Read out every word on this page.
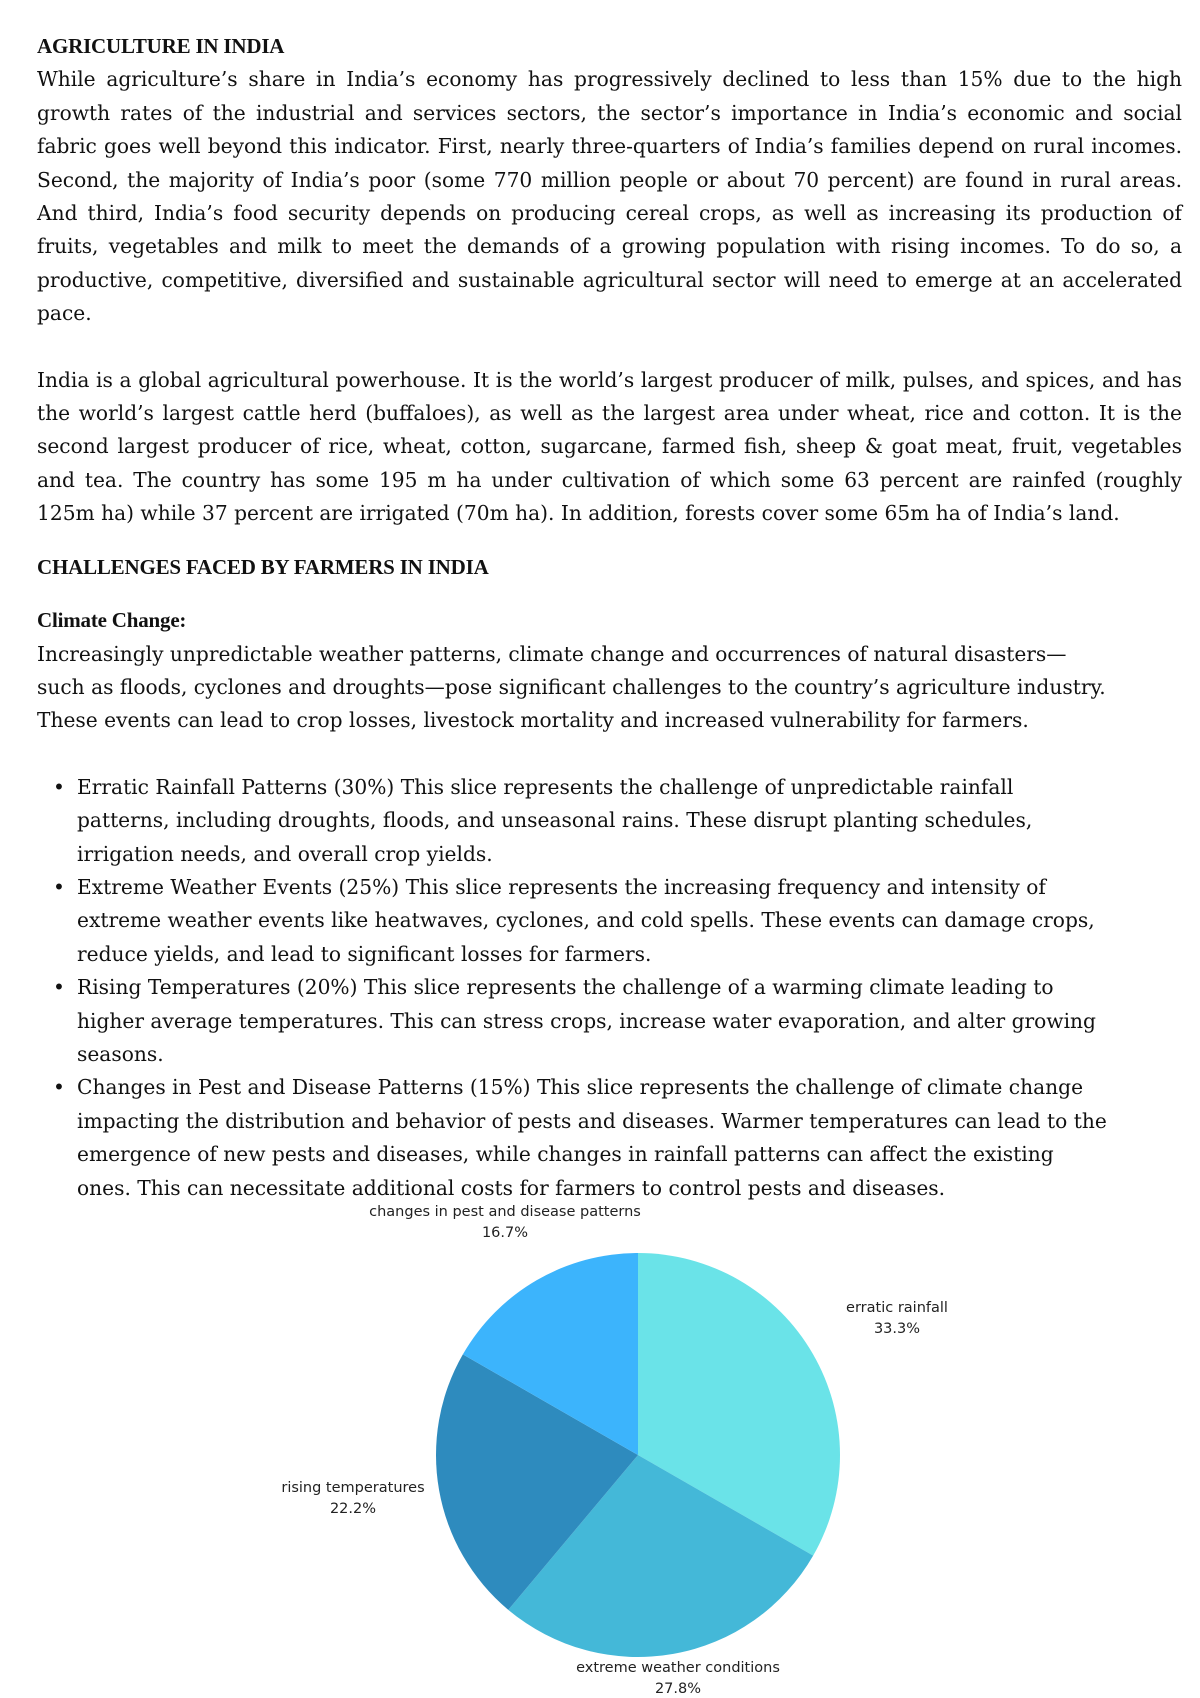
AGRICULTURE IN INDIA

While agriculture’s share in India’s economy has progressively declined to less than 15% due to the high growth rates of the industrial and services sectors, the sector’s importance in India’s economic and social fabric goes well beyond this indicator. First, nearly three-quarters of India’s families depend on rural incomes. Second, the majority of India’s poor (some 770 million people or about 70 percent) are found in rural areas. And third, India’s food security depends on producing cereal crops, as well as increasing its production of fruits, vegetables and milk to meet the demands of a growing population with rising incomes. To do so, a productive, competitive, diversified and sustainable agricultural sector will need to emerge at an accelerated pace.

India is a global agricultural powerhouse. It is the world’s largest producer of milk, pulses, and spices, and has the world’s largest cattle herd (buffaloes), as well as the largest area under wheat, rice and cotton. It is the second largest producer of rice, wheat, cotton, sugarcane, farmed fish, sheep & goat meat, fruit, vegetables and tea. The country has some 195 m ha under cultivation of which some 63 percent are rainfed (roughly 125m ha) while 37 percent are irrigated (70m ha). In addition, forests cover some 65m ha of India’s land.

CHALLENGES FACED BY FARMERS IN INDIA
Climate Change:

Increasingly unpredictable weather patterns, climate change and occurrences of natural disasters—such as floods, cyclones and droughts—pose significant challenges to the country’s agriculture industry. These events can lead to crop losses, livestock mortality and increased vulnerability for farmers.

• Erratic Rainfall Patterns (30%) This slice represents the challenge of unpredictable rainfall patterns, including droughts, floods, and unseasonal rains. These disrupt planting schedules, irrigation needs, and overall crop yields.
• Extreme Weather Events (25%) This slice represents the increasing frequency and intensity of extreme weather events like heatwaves, cyclones, and cold spells. These events can damage crops, reduce yields, and lead to significant losses for farmers.
• Rising Temperatures (20%) This slice represents the challenge of a warming climate leading to higher average temperatures. This can stress crops, increase water evaporation, and alter growing seasons.
• Changes in Pest and Disease Patterns (15%) This slice represents the challenge of climate change impacting the distribution and behavior of pests and diseases. Warmer temperatures can lead to the emergence of new pests and diseases, while changes in rainfall patterns can affect the existing ones. This can necessitate additional costs for farmers to control pests and diseases.
erratic rainfall
33.3%
extreme weather conditions
27.8%
rising temperatures
22.2%
changes in pest and disease patterns
16.7%
